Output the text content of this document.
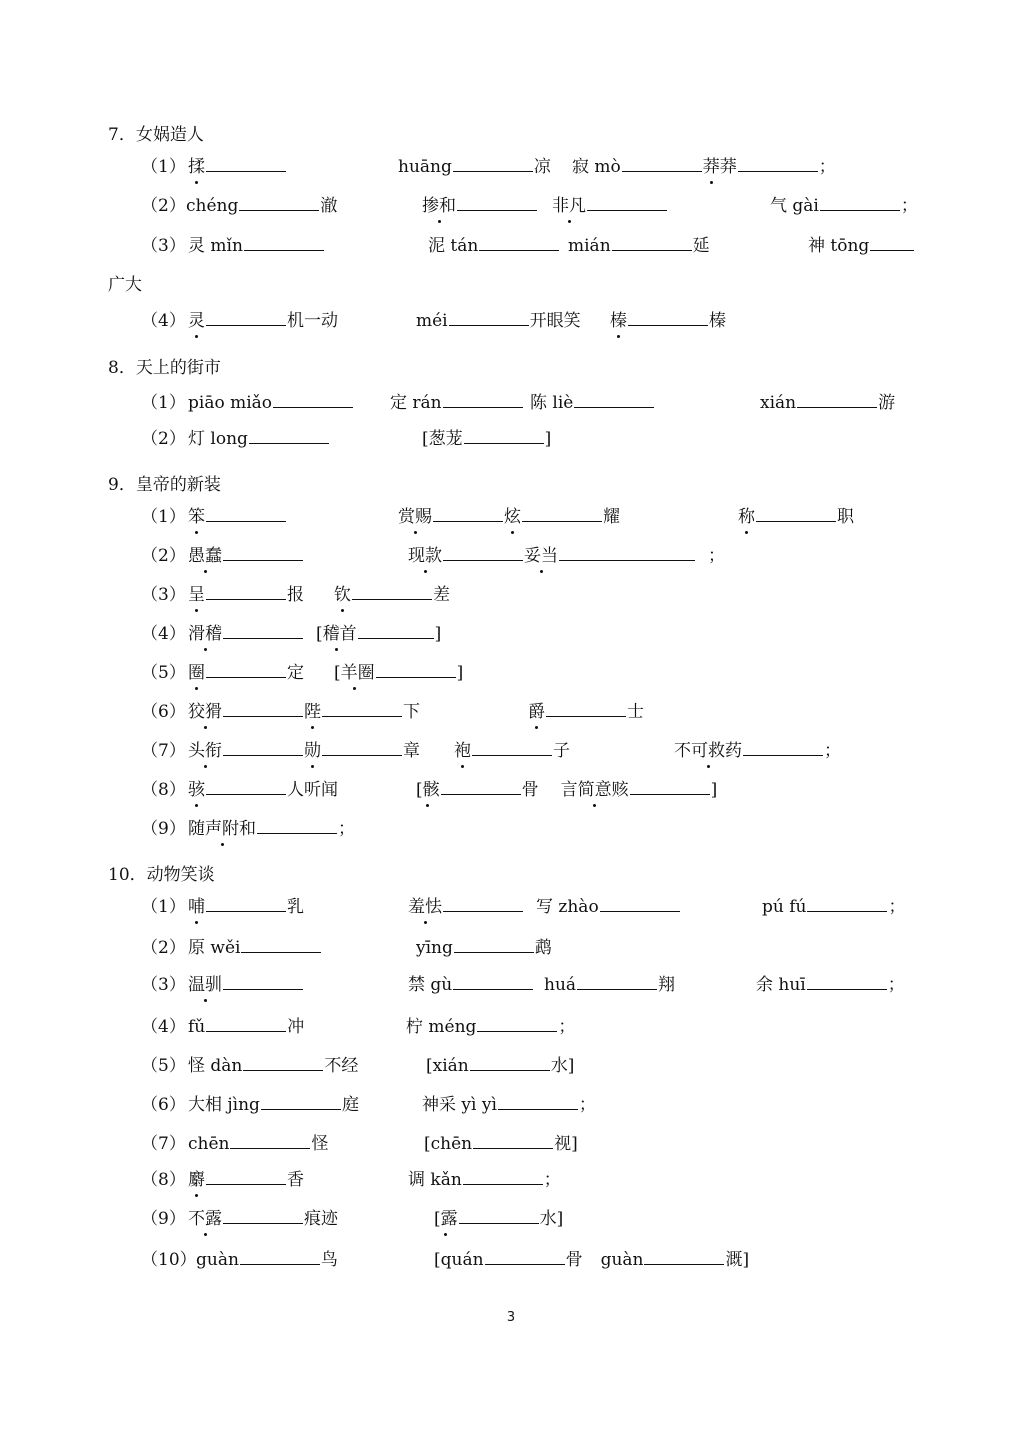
7．女娲造人
（1） 揉	huāng	凉 寂 mò	莽莽	；
（2） chéng	澈	掺和	非凡	气 gài	；
（3） 灵 mǐn	泥 tán	mián	延	神 tōng
广大
（4） 灵	机一动	méi	开眼笑 榛	榛
8．天上的街市
（1） piāo miǎo	定 rán	陈 liè	xián	游
（2） 灯 long	[葱茏	]
9．皇帝的新装
（1） 笨	赏赐	炫	耀	称	职
（2） 愚蠢	现款	妥当	；
（3） 呈	报 钦	差
（4） 滑稽	[稽首	]
（5） 圈	定 [羊圈	]
（6） 狡猾	陛	下	爵	士
（7） 头衔	勋	章 袍	子	不可救药	；
（8） 骇	人听闻	[骸	骨 言简意赅	]
（9） 随声附和	；
10．动物笑谈
（1） 哺	乳	羞怯	写 zhào	pú fú	；
（2） 原 wěi	yīng	鹉
（3） 温驯	禁 gù	huá	翔	余 huī	；
（4） fǔ	冲	柠 méng	；
（5） 怪 dàn	不经	[xián	水]
（6） 大相 jìng	庭	神采 yì yì	；
（7） chēn	怪	[chēn	视]
（8） 麝	香	调 kǎn	；
（9） 不露	痕迹	[露	水]
（10） guàn	鸟	[quán	骨 guàn	溉]
3
